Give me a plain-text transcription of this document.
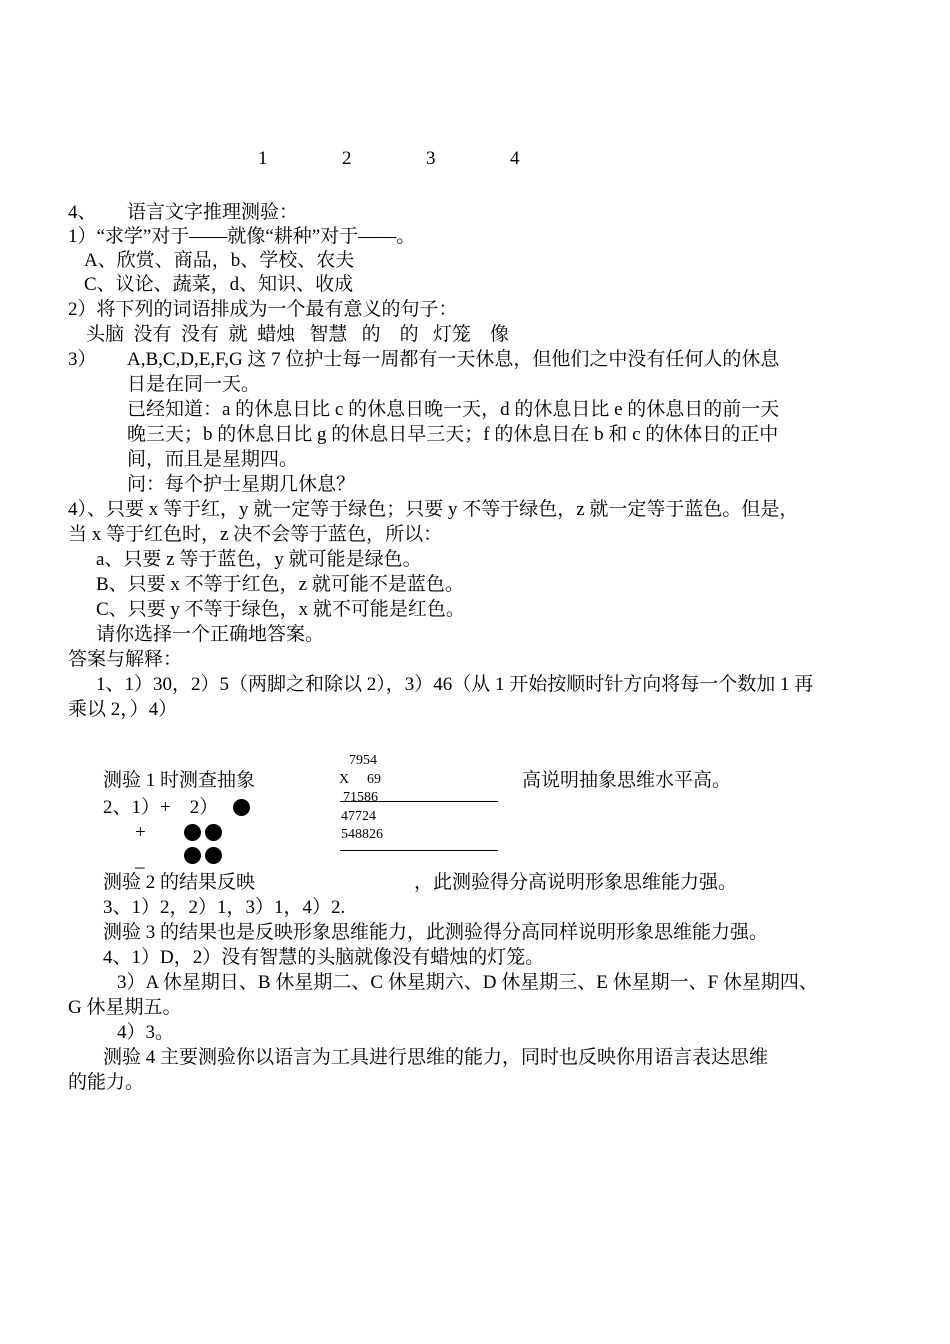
1	2	3	4
4、 语言文字推理测验：
1）“求学”对于——就像“耕种”对于——。
A、欣赏、商品，b、学校、农夫
C、议论、蔬菜，d、知识、收成
2）将下列的词语排成为一个最有意义的句子：
头脑 没有 没有 就 蜡烛 智慧 的 的 灯笼 像
3） A,B,C,D,E,F,G 这 7 位护士每一周都有一天休息，但他们之中没有任何人的休息
日是在同一天。
已经知道：a 的休息日比 c 的休息日晚一天，d 的休息日比 e 的休息日的前一天
晚三天；b 的休息日比 g 的休息日早三天；f 的休息日在 b 和 c 的休体日的正中
间，而且是星期四。
问：每个护士星期几休息？
4）、只要 x 等于红，y 就一定等于绿色；只要 y 不等于绿色，z 就一定等于蓝色。但是，
当 x 等于红色时，z 决不会等于蓝色，所以：
a、只要 z 等于蓝色，y 就可能是绿色。
B、只要 x 不等于红色，z 就可能不是蓝色。
C、只要 y 不等于绿色，x 就不可能是红色。
请你选择一个正确地答案。
答案与解释：
1、1）30，2）5（两脚之和除以 2），3）46（从 1 开始按顺时针方向将每一个数加 1 再
乘以 2，）4）
测验 1 时测查抽象	高说明抽象思维水平高。
2、1）+　2）
+
_
测验 2 的结果反映	，此测验得分高说明形象思维能力强。
7954
X 69
71586
47724
548826
3、1）2，2）1，3）1，4）2.
测验 3 的结果也是反映形象思维能力，此测验得分高同样说明形象思维能力强。
4、1）D，2）没有智慧的头脑就像没有蜡烛的灯笼。
3）A 休星期日、B 休星期二、C 休星期六、D 休星期三、E 休星期一、F 休星期四、
G 休星期五。
4）3。
测验 4 主要测验你以语言为工具进行思维的能力，同时也反映你用语言表达思维
的能力。
